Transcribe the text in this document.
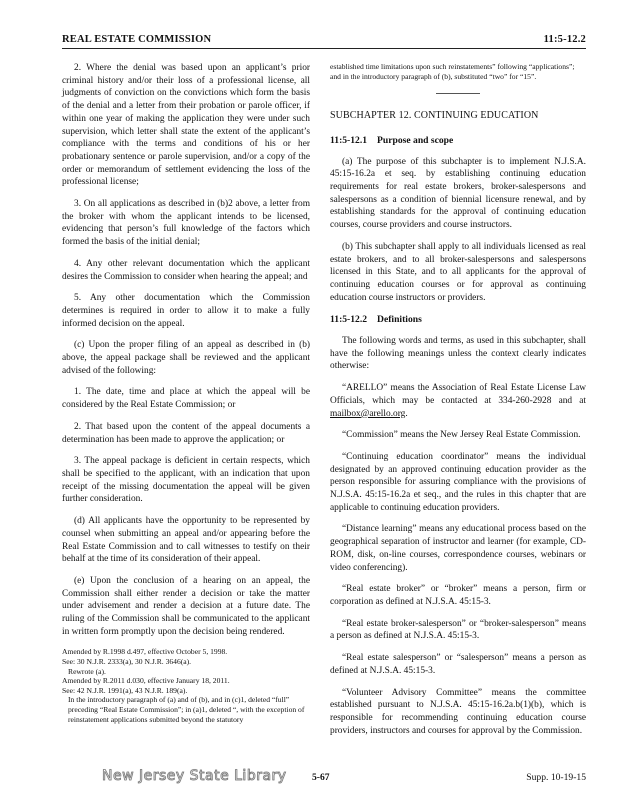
REAL ESTATE COMMISSION	11:5-12.2

2. Where the denial was based upon an applicant’s prior criminal history and/or their loss of a professional license, all judgments of conviction on the convictions which form the basis of the denial and a letter from their probation or parole officer, if within one year of making the application they were under such supervision, which letter shall state the extent of the applicant’s compliance with the terms and conditions of his or her probationary sentence or parole supervision, and/or a copy of the order or memorandum of settlement evidencing the loss of the professional license;

3. On all applications as described in (b)2 above, a letter from the broker with whom the applicant intends to be licensed, evidencing that person’s full knowledge of the factors which formed the basis of the initial denial;

4. Any other relevant documentation which the applicant desires the Commission to consider when hearing the appeal; and

5. Any other documentation which the Commission determines is required in order to allow it to make a fully informed decision on the appeal.

(c) Upon the proper filing of an appeal as described in (b) above, the appeal package shall be reviewed and the applicant advised of the following:

1. The date, time and place at which the appeal will be considered by the Real Estate Commission; or

2. That based upon the content of the appeal documents a determination has been made to approve the application; or

3. The appeal package is deficient in certain respects, which shall be specified to the applicant, with an indication that upon receipt of the missing documentation the appeal will be given further consideration.

(d) All applicants have the opportunity to be represented by counsel when submitting an appeal and/or appearing before the Real Estate Commission and to call witnesses to testify on their behalf at the time of its consideration of their appeal.

(e) Upon the conclusion of a hearing on an appeal, the Commission shall either render a decision or take the matter under advisement and render a decision at a future date. The ruling of the Commission shall be communicated to the applicant in written form promptly upon the decision being rendered.

Amended by R.1998 d.497, effective October 5, 1998.
See: 30 N.J.R. 2333(a), 30 N.J.R. 3646(a).
Rewrote (a).
Amended by R.2011 d.030, effective January 18, 2011.
See: 42 N.J.R. 1991(a), 43 N.J.R. 189(a).
In the introductory paragraph of (a) and of (b), and in (c)1, deleted “full” preceding “Real Estate Commission”; in (a)1, deleted “, with the exception of reinstatement applications submitted beyond the statutory
established time limitations upon such reinstatements” following “applications”; and in the introductory paragraph of (b), substituted “two” for “15”.
SUBCHAPTER 12. CONTINUING EDUCATION
11:5-12.1 Purpose and scope

(a) The purpose of this subchapter is to implement N.J.S.A. 45:15-16.2a et seq. by establishing continuing education requirements for real estate brokers, broker-salespersons and salespersons as a condition of biennial licensure renewal, and by establishing standards for the approval of continuing education courses, course providers and course instructors.

(b) This subchapter shall apply to all individuals licensed as real estate brokers, and to all broker-salespersons and salespersons licensed in this State, and to all applicants for the approval of continuing education courses or for approval as continuing education course instructors or providers.

11:5-12.2 Definitions

The following words and terms, as used in this subchapter, shall have the following meanings unless the context clearly indicates otherwise:

“ARELLO” means the Association of Real Estate License Law Officials, which may be contacted at 334-260-2928 and at mailbox@arello.org.

“Commission” means the New Jersey Real Estate Commission.

“Continuing education coordinator” means the individual designated by an approved continuing education provider as the person responsible for assuring compliance with the provisions of N.J.S.A. 45:15-16.2a et seq., and the rules in this chapter that are applicable to continuing education providers.

“Distance learning” means any educational process based on the geographical separation of instructor and learner (for example, CD-ROM, disk, on-line courses, correspondence courses, webinars or video conferencing).

“Real estate broker” or “broker” means a person, firm or corporation as defined at N.J.S.A. 45:15-3.

“Real estate broker-salesperson” or “broker-salesperson” means a person as defined at N.J.S.A. 45:15-3.

“Real estate salesperson” or “salesperson” means a person as defined at N.J.S.A. 45:15-3.

“Volunteer Advisory Committee” means the committee established pursuant to N.J.S.A. 45:15-16.2a.b(1)(b), which is responsible for recommending continuing education course providers, instructors and courses for approval by the Commission.

New Jersey State Library	5-67	Supp. 10-19-15
